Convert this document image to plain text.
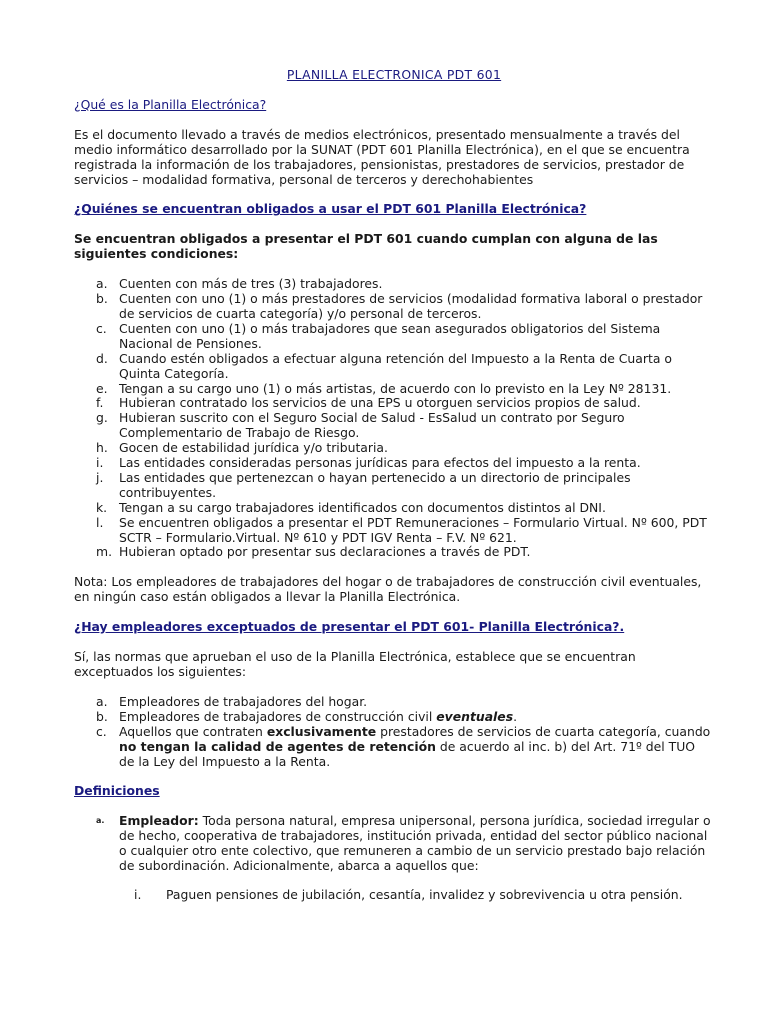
PLANILLA ELECTRONICA PDT 601
¿Qué es la Planilla Electrónica?

Es el documento llevado a través de medios electrónicos, presentado mensualmente a través del medio informático desarrollado por la SUNAT (PDT 601 Planilla Electrónica), en el que se encuentra registrada la información de los trabajadores, pensionistas, prestadores de servicios, prestador de servicios – modalidad formativa, personal de terceros y derechohabientes

¿Quiénes se encuentran obligados a usar el PDT 601 Planilla Electrónica?

Se encuentran obligados a presentar el PDT 601 cuando cumplan con alguna de las siguientes condiciones:

a. Cuenten con más de tres (3) trabajadores.
b. Cuenten con uno (1) o más prestadores de servicios (modalidad formativa laboral o prestador de servicios de cuarta categoría) y/o personal de terceros.
c. Cuenten con uno (1) o más trabajadores que sean asegurados obligatorios del Sistema Nacional de Pensiones.
d. Cuando estén obligados a efectuar alguna retención del Impuesto a la Renta de Cuarta o Quinta Categoría.
e. Tengan a su cargo uno (1) o más artistas, de acuerdo con lo previsto en la Ley Nº 28131.
f. Hubieran contratado los servicios de una EPS u otorguen servicios propios de salud.
g. Hubieran suscrito con el Seguro Social de Salud - EsSalud un contrato por Seguro Complementario de Trabajo de Riesgo.
h. Gocen de estabilidad jurídica y/o tributaria.
i. Las entidades consideradas personas jurídicas para efectos del impuesto a la renta.
j. Las entidades que pertenezcan o hayan pertenecido a un directorio de principales contribuyentes.
k. Tengan a su cargo trabajadores identificados con documentos distintos al DNI.
l. Se encuentren obligados a presentar el PDT Remuneraciones – Formulario Virtual. Nº 600, PDT SCTR – Formulario.Virtual. Nº 610 y PDT IGV Renta – F.V. Nº 621.
m. Hubieran optado por presentar sus declaraciones a través de PDT.

Nota: Los empleadores de trabajadores del hogar o de trabajadores de construcción civil eventuales, en ningún caso están obligados a llevar la Planilla Electrónica.

¿Hay empleadores exceptuados de presentar el PDT 601- Planilla Electrónica?.

Sí, las normas que aprueban el uso de la Planilla Electrónica, establece que se encuentran exceptuados los siguientes:

a. Empleadores de trabajadores del hogar.
b. Empleadores de trabajadores de construcción civil eventuales.
c. Aquellos que contraten exclusivamente prestadores de servicios de cuarta categoría, cuando no tengan la calidad de agentes de retención de acuerdo al inc. b) del Art. 71º del TUO de la Ley del Impuesto a la Renta.
Definiciones
a. Empleador: Toda persona natural, empresa unipersonal, persona jurídica, sociedad irregular o de hecho, cooperativa de trabajadores, institución privada, entidad del sector público nacional o cualquier otro ente colectivo, que remuneren a cambio de un servicio prestado bajo relación de subordinación. Adicionalmente, abarca a aquellos que:
i. Paguen pensiones de jubilación, cesantía, invalidez y sobrevivencia u otra pensión.
